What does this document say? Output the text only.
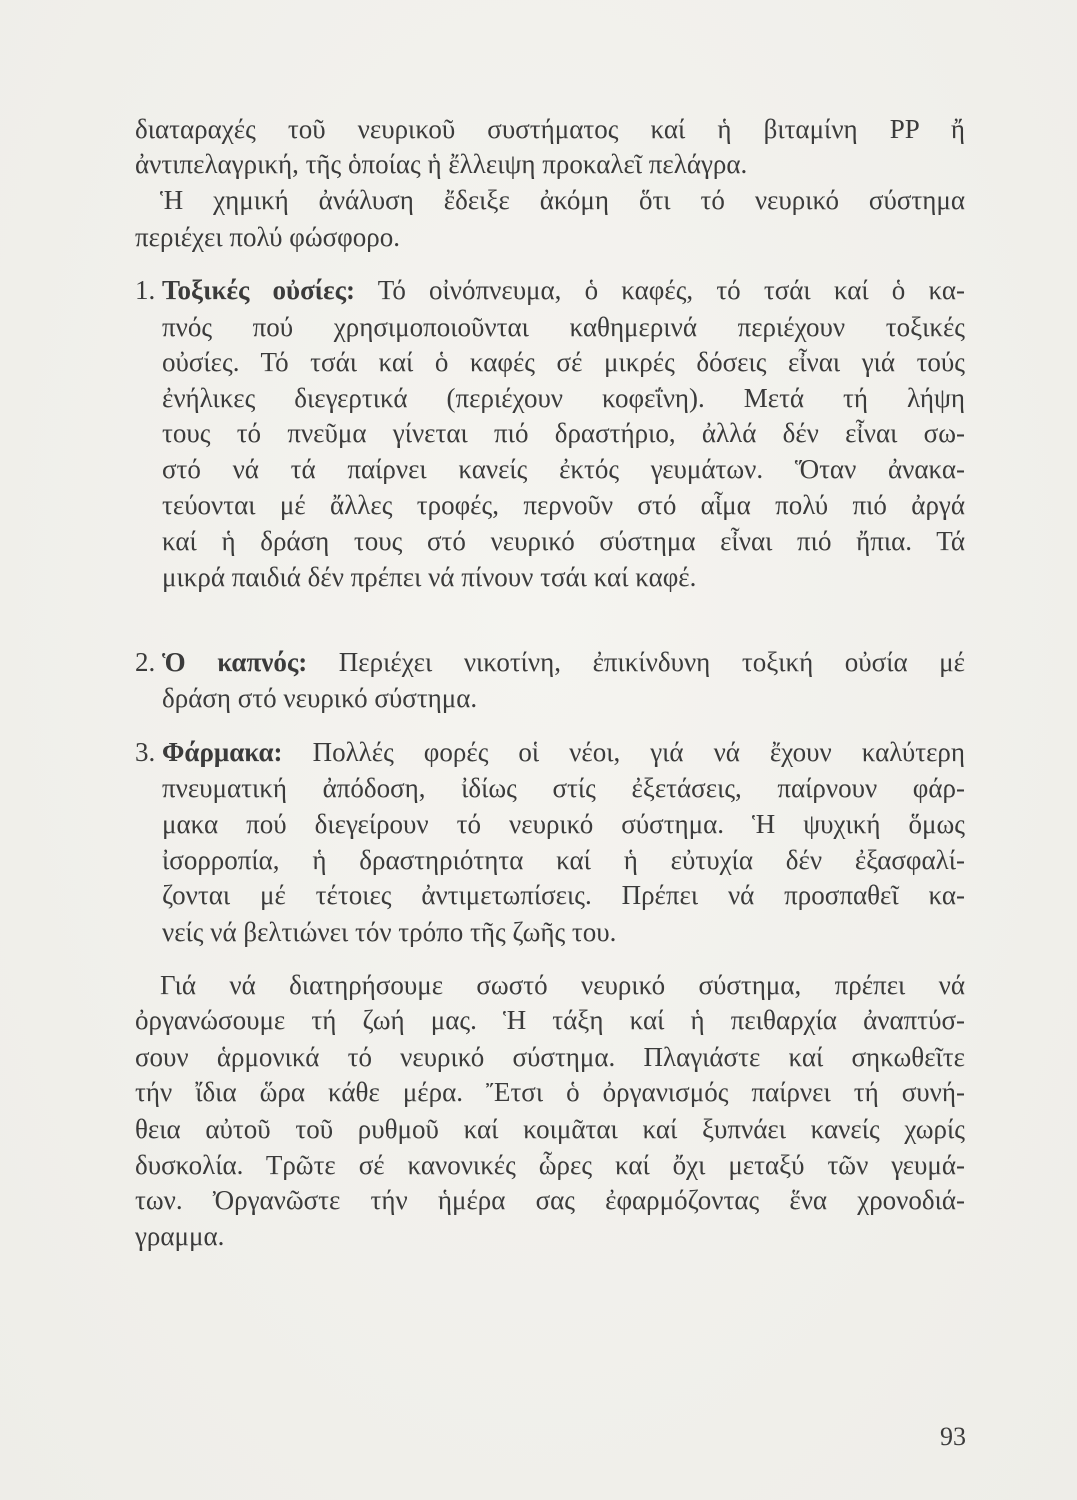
93
διαταραχές τοῦ νευρικοῦ συστήματος καί ἡ βιταμίνη PP ἤ
ἀντιπελαγρική, τῆς ὁποίας ἡ ἔλλειψη προκαλεῖ πελάγρα.
Ἡ χημική ἀνάλυση ἔδειξε ἀκόμη ὅτι τό νευρικό σύστημα
περιέχει πολύ φώσφορο.
1. Τοξικές οὐσίες: Τό οἰνόπνευμα, ὁ καφές, τό τσάι καί ὁ κα-
πνός πού χρησιμοποιοῦνται καθημερινά περιέχουν τοξικές
οὐσίες. Τό τσάι καί ὁ καφές σέ μικρές δόσεις εἶναι γιά τούς
ἐνήλικες διεγερτικά (περιέχουν κοφεΐνη). Μετά τή λήψη
τους τό πνεῦμα γίνεται πιό δραστήριο, ἀλλά δέν εἶναι σω-
στό νά τά παίρνει κανείς ἐκτός γευμάτων. Ὅταν ἀνακα-
τεύονται μέ ἄλλες τροφές, περνοῦν στό αἷμα πολύ πιό ἀργά
καί ἡ δράση τους στό νευρικό σύστημα εἶναι πιό ἤπια. Τά
μικρά παιδιά δέν πρέπει νά πίνουν τσάι καί καφέ.
2. Ὁ καπνός: Περιέχει νικοτίνη, ἐπικίνδυνη τοξική οὐσία μέ
δράση στό νευρικό σύστημα.
3. Φάρμακα: Πολλές φορές οἱ νέοι, γιά νά ἔχουν καλύτερη
πνευματική ἀπόδοση, ἰδίως στίς ἐξετάσεις, παίρνουν φάρ-
μακα πού διεγείρουν τό νευρικό σύστημα. Ἡ ψυχική ὅμως
ἰσορροπία, ἡ δραστηριότητα καί ἡ εὐτυχία δέν ἐξασφαλί-
ζονται μέ τέτοιες ἀντιμετωπίσεις. Πρέπει νά προσπαθεῖ κα-
νείς νά βελτιώνει τόν τρόπο τῆς ζωῆς του.
Γιά νά διατηρήσουμε σωστό νευρικό σύστημα, πρέπει νά
ὀργανώσουμε τή ζωή μας. Ἡ τάξη καί ἡ πειθαρχία ἀναπτύσ-
σουν ἁρμονικά τό νευρικό σύστημα. Πλαγιάστε καί σηκωθεῖτε
τήν ἴδια ὥρα κάθε μέρα. Ἔτσι ὁ ὀργανισμός παίρνει τή συνή-
θεια αὐτοῦ τοῦ ρυθμοῦ καί κοιμᾶται καί ξυπνάει κανείς χωρίς
δυσκολία. Τρῶτε σέ κανονικές ὧρες καί ὄχι μεταξύ τῶν γευμά-
των. Ὀργανῶστε τήν ἡμέρα σας ἐφαρμόζοντας ἕνα χρονοδιά-
γραμμα.
